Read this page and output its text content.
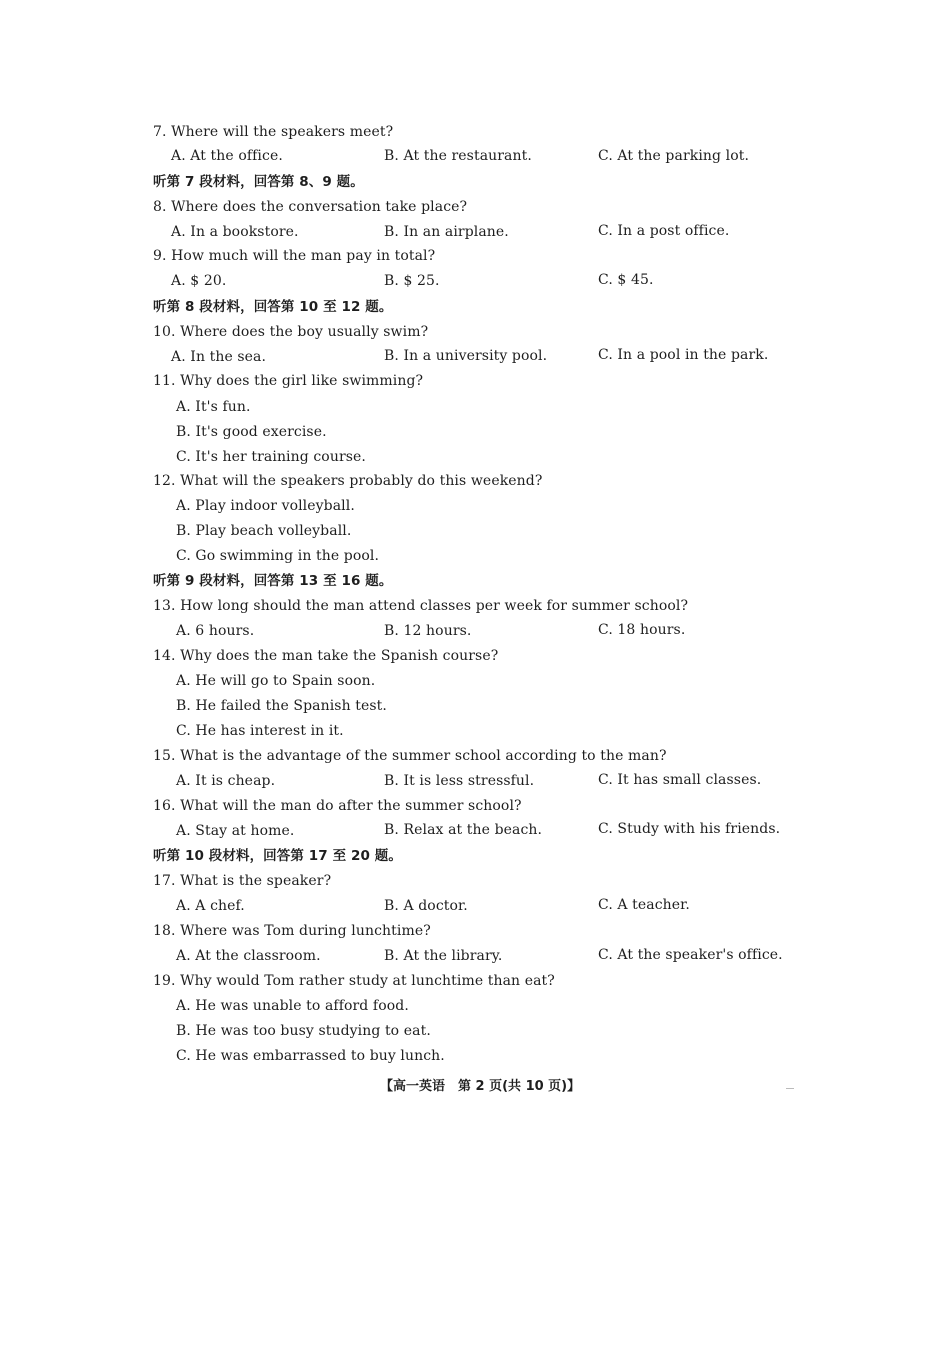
7. Where will the speakers meet?
A. At the office.	B. At the restaurant.	C. At the parking lot.
听第 7 段材料，回答第 8、9 题。
8. Where does the conversation take place?
A. In a bookstore.	B. In an airplane.	C. In a post office.
9. How much will the man pay in total?
A. $ 20.	B. $ 25.	C. $ 45.
听第 8 段材料，回答第 10 至 12 题。
10. Where does the boy usually swim?
A. In the sea.	B. In a university pool.	C. In a pool in the park.
11. Why does the girl like swimming?
A. It's fun.
B. It's good exercise.
C. It's her training course.
12. What will the speakers probably do this weekend?
A. Play indoor volleyball.
B. Play beach volleyball.
C. Go swimming in the pool.
听第 9 段材料，回答第 13 至 16 题。
13. How long should the man attend classes per week for summer school?
A. 6 hours.	B. 12 hours.	C. 18 hours.
14. Why does the man take the Spanish course?
A. He will go to Spain soon.
B. He failed the Spanish test.
C. He has interest in it.
15. What is the advantage of the summer school according to the man?
A. It is cheap.	B. It is less stressful.	C. It has small classes.
16. What will the man do after the summer school?
A. Stay at home.	B. Relax at the beach.	C. Study with his friends.
听第 10 段材料，回答第 17 至 20 题。
17. What is the speaker?
A. A chef.	B. A doctor.	C. A teacher.
18. Where was Tom during lunchtime?
A. At the classroom.	B. At the library.	C. At the speaker's office.
19. Why would Tom rather study at lunchtime than eat?
A. He was unable to afford food.
B. He was too busy studying to eat.
C. He was embarrassed to buy lunch.
【高一英语　第 2 页(共 10 页)】
